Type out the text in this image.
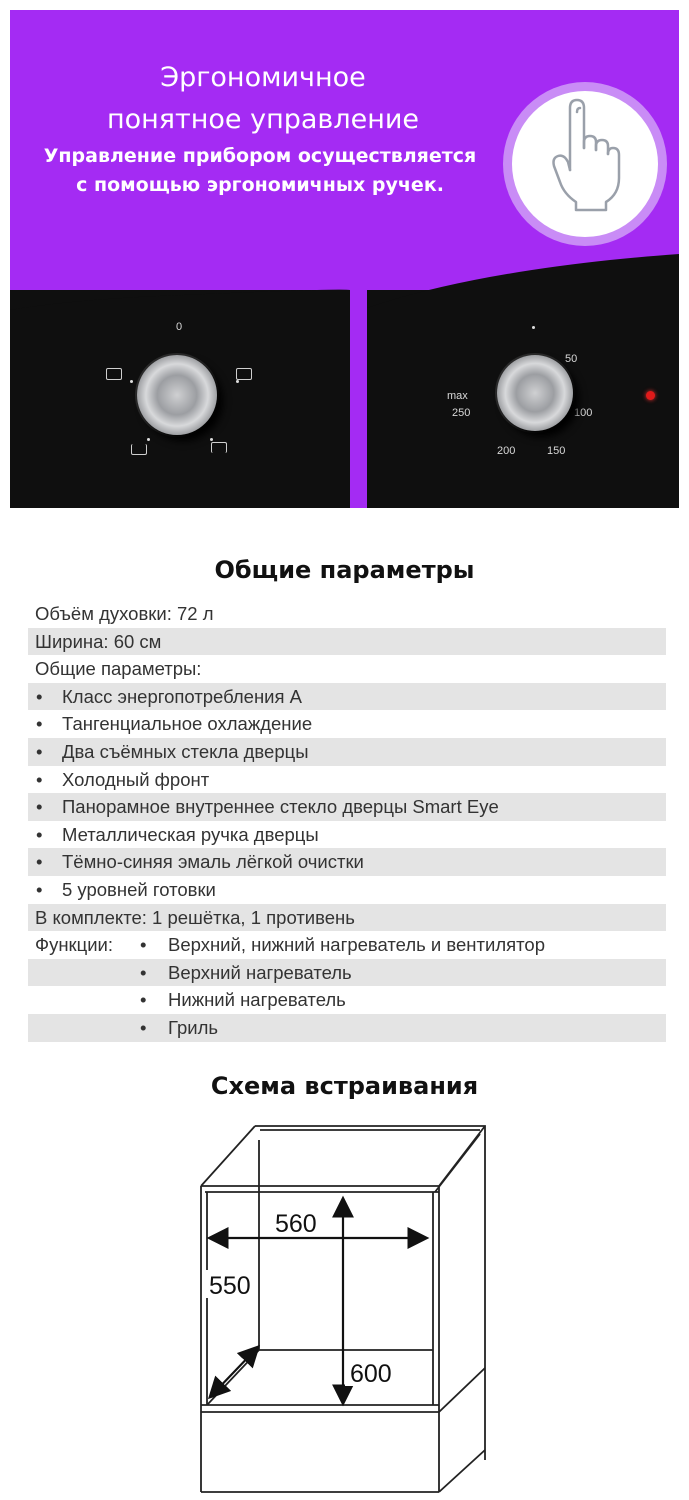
Эргономичное
понятное управление
Управление прибором осуществляется
с помощью эргономичных ручек.
0
50
max
250	100
200	150
Общие параметры
Объём духовки: 72 л
Ширина: 60 см
Общие параметры:
• Класс энергопотребления А
• Тангенциальное охлаждение
• Два съёмных стекла дверцы
• Холодный фронт
• Панорамное внутреннее стекло дверцы Smart Eye
• Металлическая ручка дверцы
• Тёмно-синяя эмаль лёгкой очистки
• 5 уровней готовки
В комплекте: 1 решётка, 1 противень
Функции: • Верхний, нижний нагреватель и вентилятор
• Верхний нагреватель
• Нижний нагреватель
• Гриль
Схема встраивания
560
550
600
